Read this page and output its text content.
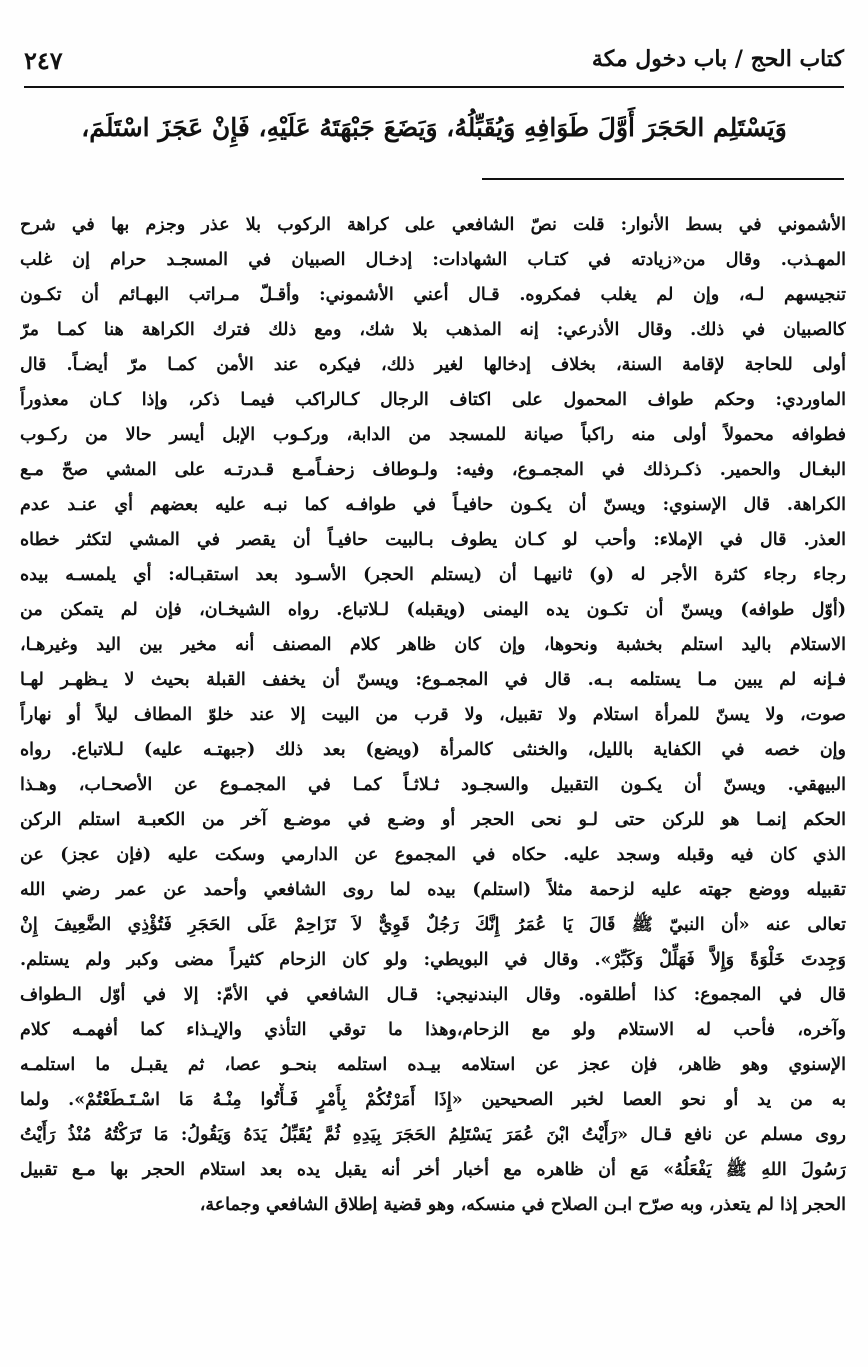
كتاب الحج / باب دخول مكة
٢٤٧
وَيَسْتَلِم الحَجَرَ أَوَّلَ طَوَافِهِ وَيُقَبِّلُهُ، وَيَضَعَ جَبْهَتَهُ عَلَيْهِ، فَإِنْ عَجَزَ اسْتَلَمَ،
الأشموني في بسط الأنوار: قلت نصّ الشافعي على كراهة الركوب بلا عذر وجزم بها في شرح
المهـذب. وقال من«زيادته في كتـاب الشهادات: إدخـال الصبيان في المسجـد حرام إن غلب
تنجيسهم لـه، وإن لم يغلب فمكروه. قـال أعني الأشموني: وأقـلّ مـراتب البهـائم أن تكـون
كالصبيان في ذلك. وقال الأذرعي: إنه المذهب بلا شك، ومع ذلك فترك الكراهة هنا كمـا مرّ
أولى للحاجة لإقامة السنة، بخلاف إدخالها لغير ذلك، فيكره عند الأمن كمـا مرّ أيضـاً. قال
الماوردي: وحكم طواف المحمول على اكتاف الرجال كـالراكب فيمـا ذكر، وإذا كـان معذوراً
فطوافه محمولاً أولى منه راكباً صيانة للمسجد من الدابة، وركـوب الإبل أيسر حالا من ركـوب
البغـال والحمير. ذكـرذلك في المجمـوع، وفيه: ولـوطاف زحفـاًمـع قـدرتـه على المشي صحّ مـع
الكراهة. قال الإسنوي: ويسنّ أن يكـون حافيـاً في طوافـه كما نبـه عليه بعضهم أي عنـد عدم
العذر. قال في الإملاء: وأحب لو كـان يطوف بـالبيت حافيـاً أن يقصر في المشي لتكثر خطاه
رجاء رجاء كثرة الأجر له (و) ثانيهـا أن (يستلم الحجر) الأسـود بعد استقبـاله: أي يلمسـه بيده
(أوّل طوافه) ويسنّ أن تكـون يده اليمنى (ويقبله) لـلاتباع. رواه الشيخـان، فإن لم يتمكن من
الاستلام باليد استلم بخشبة ونحوها، وإن كان ظاهر كلام المصنف أنه مخير بين اليد وغيرهـا،
فـإنه لم يبين مـا يستلمه بـه. قال في المجمـوع: ويسنّ أن يخفف القبلة بحيث لا يـظهـر لهـا
صوت، ولا يسنّ للمرأة استلام ولا تقبيل، ولا قرب من البيت إلا عند خلوّ المطاف ليلاً أو نهاراً
وإن خصه في الكفاية بالليل، والخنثى كالمرأة (ويضع) بعد ذلك (جبهتـه عليه) لـلاتباع. رواه
البيهقي. ويسنّ أن يكـون التقبيل والسجـود ثـلاثـاً كمـا في المجمـوع عن الأصحـاب، وهـذا
الحكم إنمـا هو للركن حتى لـو نحى الحجر أو وضـع في موضـع آخر من الكعبـة استلم الركن
الذي كان فيه وقبله وسجد عليه. حكاه في المجموع عن الدارمي وسكت عليه (فإن عجز) عن
تقبيله ووضع جهته عليه لزحمة مثلاً (استلم) بيده لما روى الشافعي وأحمد عن عمر رضي الله
تعالى عنه «أن النبيّ ﷺ قَالَ يَا عُمَرُ إِنَّكَ رَجُلٌ قَوِيٌّ لاَ تَزَاحِمْ عَلَى الحَجَرِ فَتُؤْذِي الضَّعِيفَ إِنْ
وَجِدتَ خَلْوَةً وَإِلاَّ فَهَلِّلْ وَكَبِّرْ». وقال في البويطي: ولو كان الزحام كثيراً مضى وكبر ولم يستلم.
قال في المجموع: كذا أطلقوه. وقال البندنيجي: قـال الشافعي في الأمّ: إلا في أوّل الـطواف
وآخره، فأحب له الاستلام ولو مع الزحام،وهذا ما توقي التأذي والإيـذاء كما أفهمـه كلام
الإسنوي وهو ظاهر، فإن عجز عن استلامه بيـده استلمه بنحـو عصا، ثم يقبـل ما استلمـه
به من يد أو نحو العصا لخبر الصحيحين «إِذَا أَمَرْتُكُمْ بِأَمْرٍ فَـأْتُوا مِنْـهُ مَا اسْـتَـطَعْتُمْ». ولما
روى مسلم عن نافع قـال «رَأَيْتُ ابْنَ عُمَرَ يَسْتَلِمُ الحَجَرَ بِيَدِهِ ثُمَّ يُقَبِّلُ يَدَهُ وَيَقُولُ: مَا تَرَكْتُهُ مُنْذُ رَأَيْتُ
رَسُولَ اللهِ ﷺ يَفْعَلُهُ» مَع أن ظاهره مع أخبار أخر أنه يقبل يده بعد استلام الحجر بها مـع تقبيل
الحجر إذا لم يتعذر، وبه صرّح ابـن الصلاح في منسكه، وهو قضية إطلاق الشافعي وجماعة،
